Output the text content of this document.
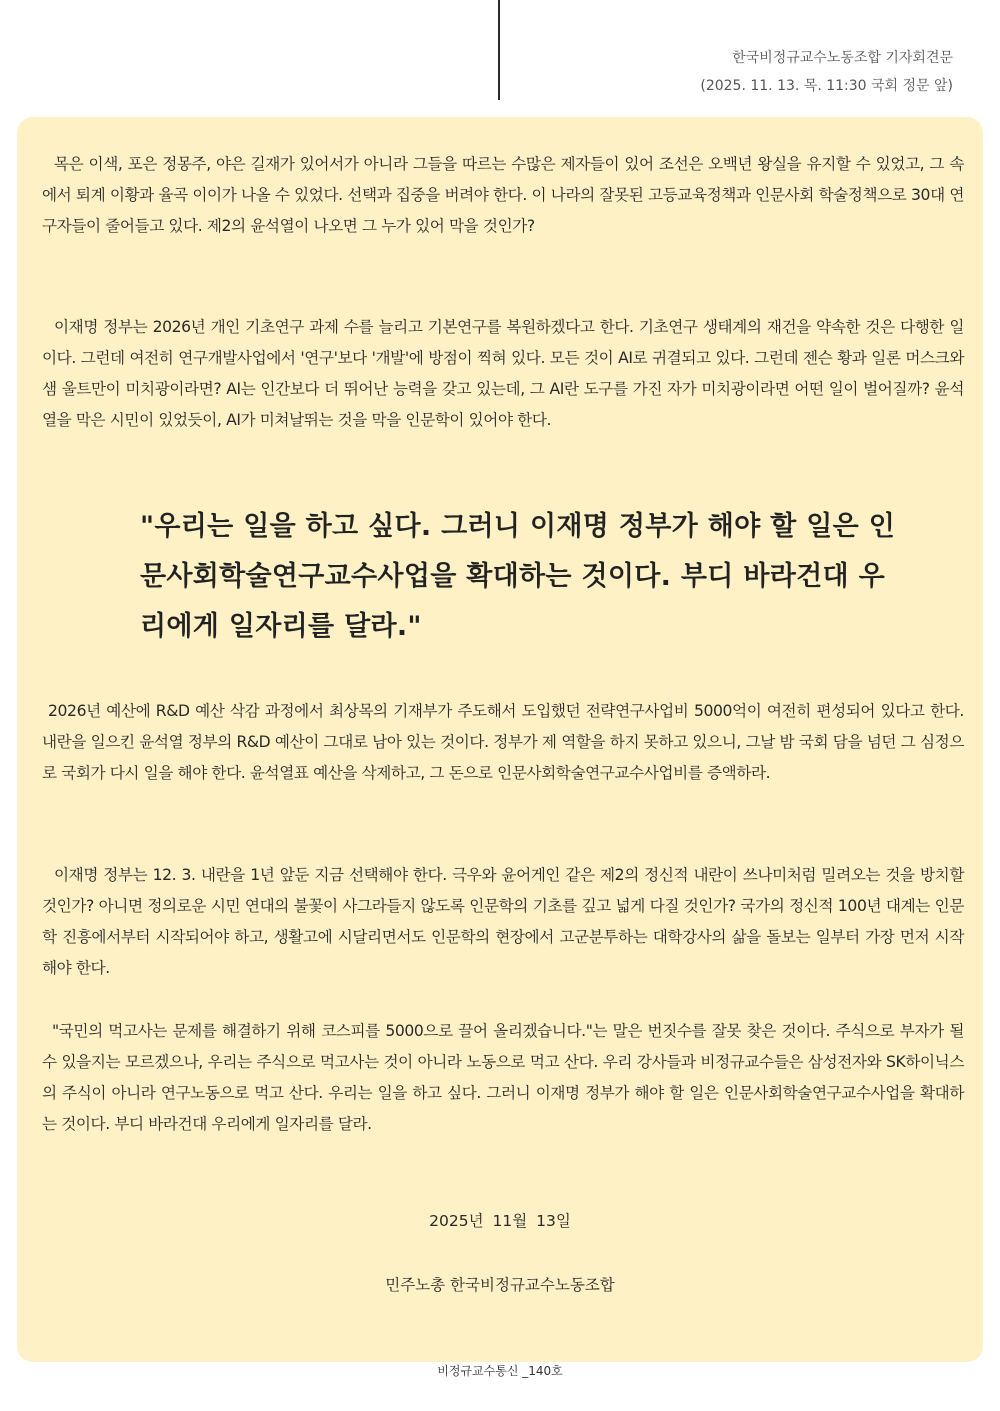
한국비정규교수노동조합 기자회견문
(2025. 11. 13. 목. 11:30 국회 정문 앞)
목은 이색, 포은 정몽주, 야은 길재가 있어서가 아니라 그들을 따르는 수많은 제자들이 있어 조선은 오백년 왕실을 유지할 수 있었고, 그 속에서 퇴계 이황과 율곡 이이가 나올 수 있었다. 선택과 집중을 버려야 한다. 이 나라의 잘못된 고등교육정책과 인문사회 학술정책으로 30대 연구자들이 줄어들고 있다. 제2의 윤석열이 나오면 그 누가 있어 막을 것인가?
이재명 정부는 2026년 개인 기초연구 과제 수를 늘리고 기본연구를 복원하겠다고 한다. 기초연구 생태계의 재건을 약속한 것은 다행한 일이다. 그런데 여전히 연구개발사업에서 '연구'보다 '개발'에 방점이 찍혀 있다. 모든 것이 AI로 귀결되고 있다. 그런데 젠슨 황과 일론 머스크와 샘 울트만이 미치광이라면? AI는 인간보다 더 뛰어난 능력을 갖고 있는데, 그 AI란 도구를 가진 자가 미치광이라면 어떤 일이 벌어질까? 윤석열을 막은 시민이 있었듯이, AI가 미쳐날뛰는 것을 막을 인문학이 있어야 한다.
"우리는 일을 하고 싶다. 그러니 이재명 정부가 해야 할 일은 인문사회학술연구교수사업을 확대하는 것이다. 부디 바라건대 우리에게 일자리를 달라."
2026년 예산에 R&D 예산 삭감 과정에서 최상목의 기재부가 주도해서 도입했던 전략연구사업비 5000억이 여전히 편성되어 있다고 한다. 내란을 일으킨 윤석열 정부의 R&D 예산이 그대로 남아 있는 것이다. 정부가 제 역할을 하지 못하고 있으니, 그날 밤 국회 담을 넘던 그 심정으로 국회가 다시 일을 해야 한다. 윤석열표 예산을 삭제하고, 그 돈으로 인문사회학술연구교수사업비를 증액하라.
이재명 정부는 12. 3. 내란을 1년 앞둔 지금 선택해야 한다. 극우와 윤어게인 같은 제2의 정신적 내란이 쓰나미처럼 밀려오는 것을 방치할 것인가? 아니면 정의로운 시민 연대의 불꽃이 사그라들지 않도록 인문학의 기초를 깊고 넓게 다질 것인가? 국가의 정신적 100년 대계는 인문학 진흥에서부터 시작되어야 하고, 생활고에 시달리면서도 인문학의 현장에서 고군분투하는 대학강사의 삶을 돌보는 일부터 가장 먼저 시작해야 한다.
"국민의 먹고사는 문제를 해결하기 위해 코스피를 5000으로 끌어 올리겠습니다."는 말은 번짓수를 잘못 찾은 것이다. 주식으로 부자가 될 수 있을지는 모르겠으나, 우리는 주식으로 먹고사는 것이 아니라 노동으로 먹고 산다. 우리 강사들과 비정규교수들은 삼성전자와 SK하이닉스의 주식이 아니라 연구노동으로 먹고 산다. 우리는 일을 하고 싶다. 그러니 이재명 정부가 해야 할 일은 인문사회학술연구교수사업을 확대하는 것이다. 부디 바라건대 우리에게 일자리를 달라.
2025년 11월 13일
민주노총 한국비정규교수노동조합
비정규교수통신 _140호
